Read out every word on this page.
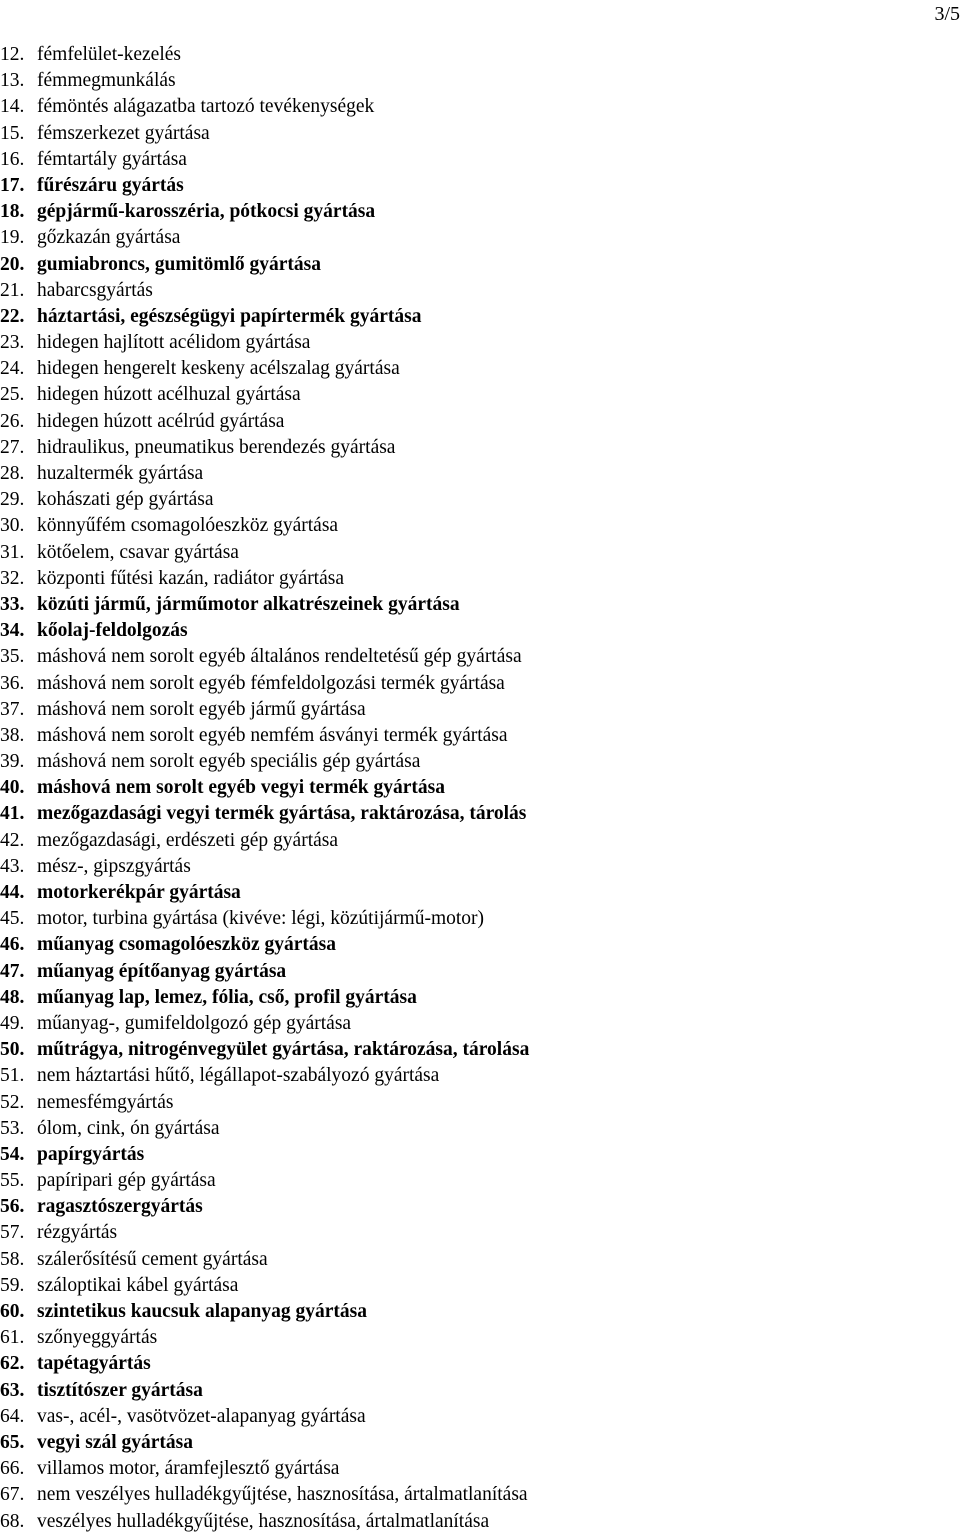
3/5
12. fémfelület-kezelés
13. fémmegmunkálás
14. fémöntés alágazatba tartozó tevékenységek
15. fémszerkezet gyártása
16. fémtartály gyártása
17. fűrészáru gyártás
18. gépjármű-karosszéria, pótkocsi gyártása
19. gőzkazán gyártása
20. gumiabroncs, gumitömlő gyártása
21. habarcsgyártás
22. háztartási, egészségügyi papírtermék gyártása
23. hidegen hajlított acélidom gyártása
24. hidegen hengerelt keskeny acélszalag gyártása
25. hidegen húzott acélhuzal gyártása
26. hidegen húzott acélrúd gyártása
27. hidraulikus, pneumatikus berendezés gyártása
28. huzaltermék gyártása
29. kohászati gép gyártása
30. könnyűfém csomagolóeszköz gyártása
31. kötőelem, csavar gyártása
32. központi fűtési kazán, radiátor gyártása
33. közúti jármű, járműmotor alkatrészeinek gyártása
34. kőolaj-feldolgozás
35. máshová nem sorolt egyéb általános rendeltetésű gép gyártása
36. máshová nem sorolt egyéb fémfeldolgozási termék gyártása
37. máshová nem sorolt egyéb jármű gyártása
38. máshová nem sorolt egyéb nemfém ásványi termék gyártása
39. máshová nem sorolt egyéb speciális gép gyártása
40. máshová nem sorolt egyéb vegyi termék gyártása
41. mezőgazdasági vegyi termék gyártása, raktározása, tárolás
42. mezőgazdasági, erdészeti gép gyártása
43. mész-, gipszgyártás
44. motorkerékpár gyártása
45. motor, turbina gyártása (kivéve: légi, közútijármű-motor)
46. műanyag csomagolóeszköz gyártása
47. műanyag építőanyag gyártása
48. műanyag lap, lemez, fólia, cső, profil gyártása
49. műanyag-, gumifeldolgozó gép gyártása
50. műtrágya, nitrogénvegyület gyártása, raktározása, tárolása
51. nem háztartási hűtő, légállapot-szabályozó gyártása
52. nemesfémgyártás
53. ólom, cink, ón gyártása
54. papírgyártás
55. papíripari gép gyártása
56. ragasztószergyártás
57. rézgyártás
58. szálerősítésű cement gyártása
59. száloptikai kábel gyártása
60. szintetikus kaucsuk alapanyag gyártása
61. szőnyeggyártás
62. tapétagyártás
63. tisztítószer gyártása
64. vas-, acél-, vasötvözet-alapanyag gyártása
65. vegyi szál gyártása
66. villamos motor, áramfejlesztő gyártása
67. nem veszélyes hulladékgyűjtése, hasznosítása, ártalmatlanítása
68. veszélyes hulladékgyűjtése, hasznosítása, ártalmatlanítása
